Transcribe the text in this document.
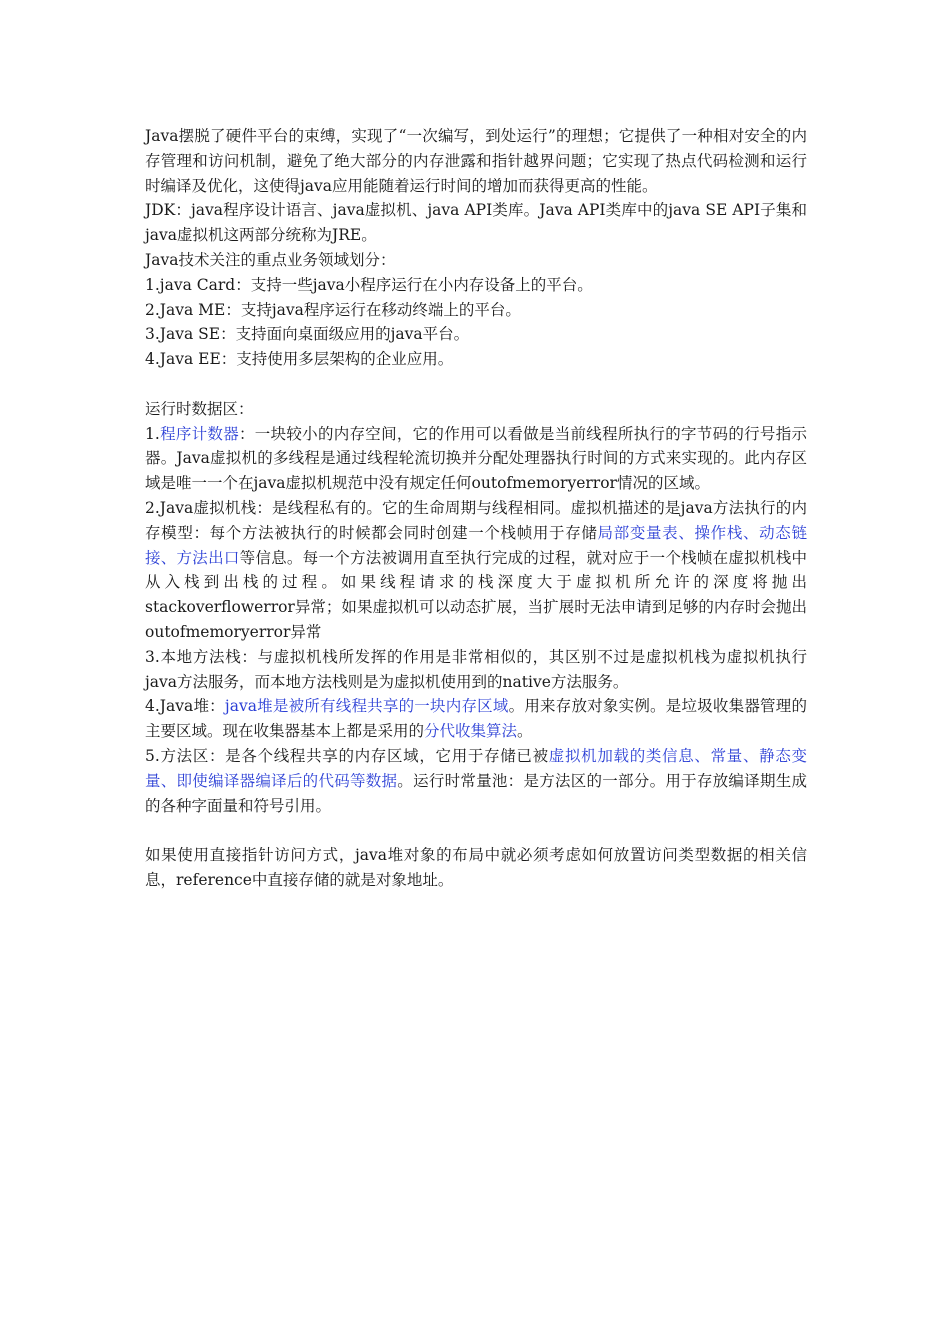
Java摆脱了硬件平台的束缚，实现了“一次编写，到处运行”的理想；它提供了一种相对安全的内存管理和访问机制，避免了绝大部分的内存泄露和指针越界问题；它实现了热点代码检测和运行时编译及优化，这使得java应用能随着运行时间的增加而获得更高的性能。

JDK：java程序设计语言、java虚拟机、java API类库。Java API类库中的java SE API子集和java虚拟机这两部分统称为JRE。

Java技术关注的重点业务领域划分：

1.java Card：支持一些java小程序运行在小内存设备上的平台。

2.Java ME：支持java程序运行在移动终端上的平台。

3.Java SE：支持面向桌面级应用的java平台。

4.Java EE：支持使用多层架构的企业应用。

运行时数据区：

1.程序计数器：一块较小的内存空间，它的作用可以看做是当前线程所执行的字节码的行号指示器。Java虚拟机的多线程是通过线程轮流切换并分配处理器执行时间的方式来实现的。此内存区域是唯一一个在java虚拟机规范中没有规定任何outofmemoryerror情况的区域。

2.Java虚拟机栈：是线程私有的。它的生命周期与线程相同。虚拟机描述的是java方法执行的内存模型：每个方法被执行的时候都会同时创建一个栈帧用于存储局部变量表、操作栈、动态链接、方法出口等信息。每一个方法被调用直至执行完成的过程，就对应于一个栈帧在虚拟机栈中从入栈到出栈的过程。如果线程请求的栈深度大于虚拟机所允许的深度将抛出stackoverflowerror异常；如果虚拟机可以动态扩展，当扩展时无法申请到足够的内存时会抛出outofmemoryerror异常

3.本地方法栈：与虚拟机栈所发挥的作用是非常相似的，其区别不过是虚拟机栈为虚拟机执行java方法服务，而本地方法栈则是为虚拟机使用到的native方法服务。

4.Java堆：java堆是被所有线程共享的一块内存区域。用来存放对象实例。是垃圾收集器管理的主要区域。现在收集器基本上都是采用的分代收集算法。

5.方法区：是各个线程共享的内存区域，它用于存储已被虚拟机加载的类信息、常量、静态变量、即使编译器编译后的代码等数据。运行时常量池：是方法区的一部分。用于存放编译期生成的各种字面量和符号引用。

如果使用直接指针访问方式，java堆对象的布局中就必须考虑如何放置访问类型数据的相关信息，reference中直接存储的就是对象地址。
